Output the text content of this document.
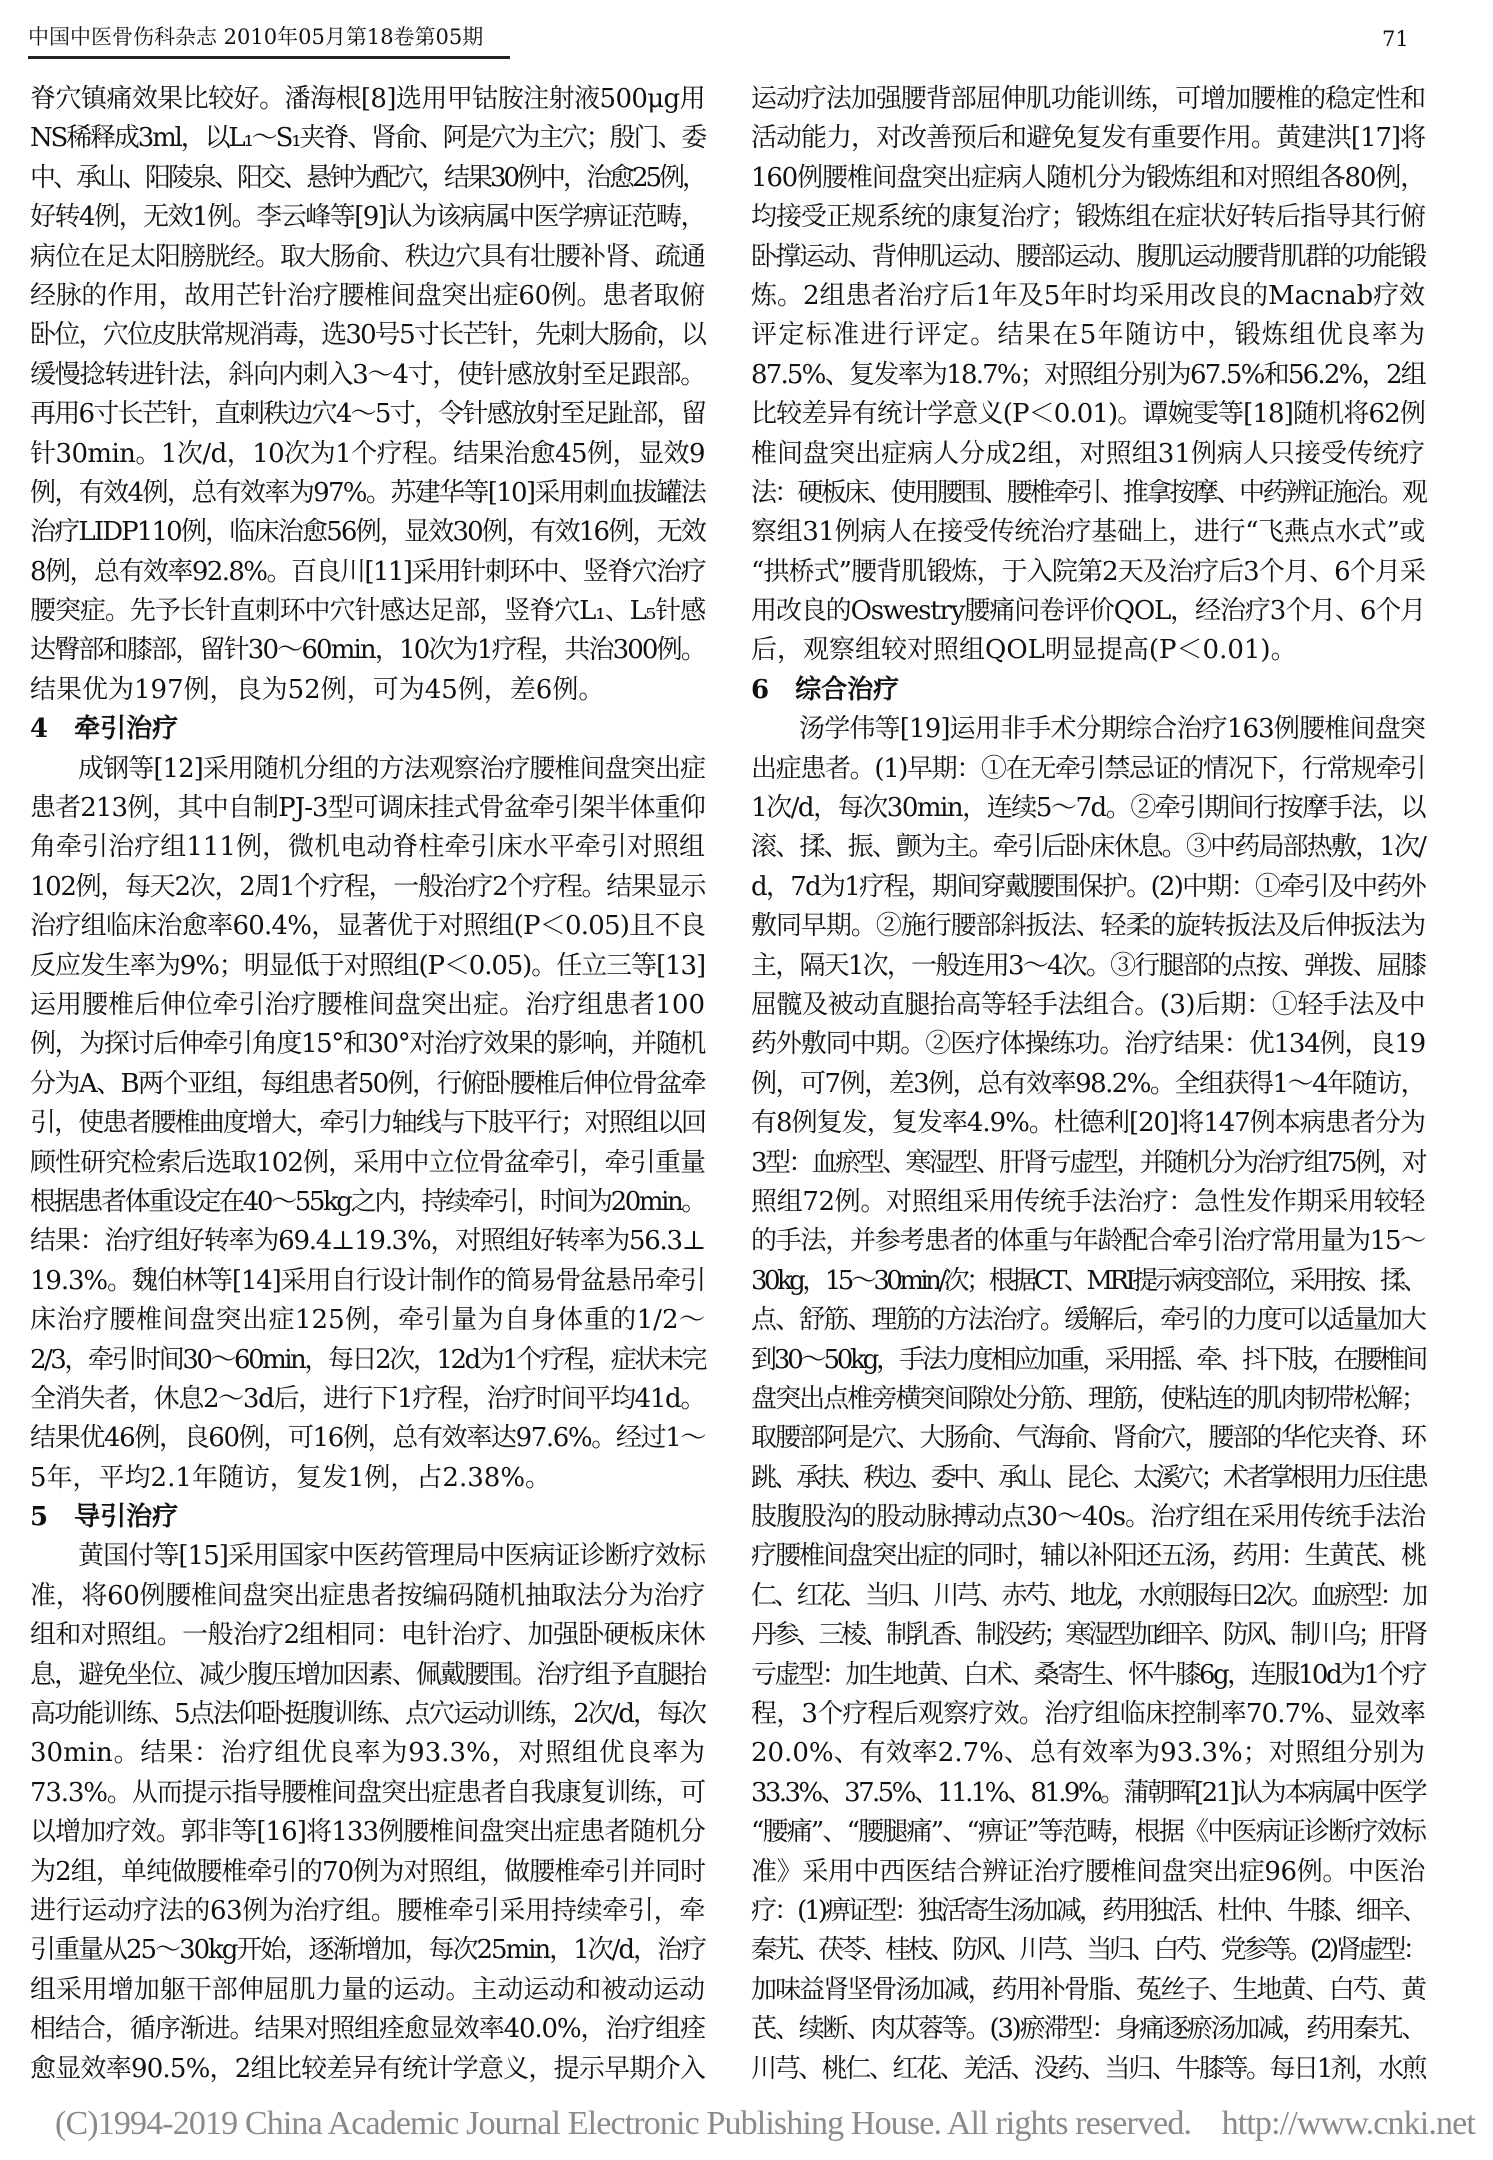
中国中医骨伤科杂志 2010年05月第18卷第05期	71
脊穴镇痛效果比较好。潘海根[8]选用甲钴胺注射液500μg用
NS稀释成3ml，以L₁～S₁夹脊、肾俞、阿是穴为主穴；殷门、委
中、承山、阳陵泉、阳交、悬钟为配穴，结果30例中，治愈25例，
好转4例，无效1例。李云峰等[9]认为该病属中医学痹证范畴，
病位在足太阳膀胱经。取大肠俞、秩边穴具有壮腰补肾、疏通
经脉的作用，故用芒针治疗腰椎间盘突出症60例。患者取俯
卧位，穴位皮肤常规消毒，选30号5寸长芒针，先刺大肠俞，以
缓慢捻转进针法，斜向内刺入3～4寸，使针感放射至足跟部。
再用6寸长芒针，直刺秩边穴4～5寸，令针感放射至足趾部，留
针30min。1次/d，10次为1个疗程。结果治愈45例，显效9
例，有效4例，总有效率为97%。苏建华等[10]采用刺血拔罐法
治疗LIDP110例，临床治愈56例，显效30例，有效16例，无效
8例，总有效率92.8%。百良川[11]采用针刺环中、竖脊穴治疗
腰突症。先予长针直刺环中穴针感达足部，竖脊穴L₁、L₅针感
达臀部和膝部，留针30～60min，10次为1疗程，共治300例。
结果优为197例，良为52例，可为45例，差6例。
4　牵引治疗
成钢等[12]采用随机分组的方法观察治疗腰椎间盘突出症
患者213例，其中自制PJ-3型可调床挂式骨盆牵引架半体重仰
角牵引治疗组111例，微机电动脊柱牵引床水平牵引对照组
102例，每天2次，2周1个疗程，一般治疗2个疗程。结果显示
治疗组临床治愈率60.4%，显著优于对照组(P＜0.05)且不良
反应发生率为9%；明显低于对照组(P＜0.05)。任立三等[13]
运用腰椎后伸位牵引治疗腰椎间盘突出症。治疗组患者100
例，为探讨后伸牵引角度15°和30°对治疗效果的影响，并随机
分为A、B两个亚组，每组患者50例，行俯卧腰椎后伸位骨盆牵
引，使患者腰椎曲度增大，牵引力轴线与下肢平行；对照组以回
顾性研究检索后选取102例，采用中立位骨盆牵引，牵引重量
根据患者体重设定在40～55kg之内，持续牵引，时间为20min。
结果：治疗组好转率为69.4⊥19.3%，对照组好转率为56.3⊥
19.3%。魏伯林等[14]采用自行设计制作的简易骨盆悬吊牵引
床治疗腰椎间盘突出症125例，牵引量为自身体重的1/2～
2/3，牵引时间30～60min，每日2次，12d为1个疗程，症状未完
全消失者，休息2～3d后，进行下1疗程，治疗时间平均41d。
结果优46例，良60例，可16例，总有效率达97.6%。经过1～
5年，平均2.1年随访，复发1例，占2.38%。
5　导引治疗
黄国付等[15]采用国家中医药管理局中医病证诊断疗效标
准，将60例腰椎间盘突出症患者按编码随机抽取法分为治疗
组和对照组。一般治疗2组相同：电针治疗、加强卧硬板床休
息，避免坐位、减少腹压增加因素、佩戴腰围。治疗组予直腿抬
高功能训练、5点法仰卧挺腹训练、点穴运动训练，2次/d，每次
30min。结果：治疗组优良率为93.3%，对照组优良率为
73.3%。从而提示指导腰椎间盘突出症患者自我康复训练，可
以增加疗效。郭非等[16]将133例腰椎间盘突出症患者随机分
为2组，单纯做腰椎牵引的70例为对照组，做腰椎牵引并同时
进行运动疗法的63例为治疗组。腰椎牵引采用持续牵引，牵
引重量从25～30kg开始，逐渐增加，每次25min，1次/d，治疗
组采用增加躯干部伸屈肌力量的运动。主动运动和被动运动
相结合，循序渐进。结果对照组痊愈显效率40.0%，治疗组痊
愈显效率90.5%，2组比较差异有统计学意义，提示早期介入
运动疗法加强腰背部屈伸肌功能训练，可增加腰椎的稳定性和
活动能力，对改善预后和避免复发有重要作用。黄建洪[17]将
160例腰椎间盘突出症病人随机分为锻炼组和对照组各80例，
均接受正规系统的康复治疗；锻炼组在症状好转后指导其行俯
卧撑运动、背伸肌运动、腰部运动、腹肌运动腰背肌群的功能锻
炼。2组患者治疗后1年及5年时均采用改良的Macnab疗效
评定标准进行评定。结果在5年随访中，锻炼组优良率为
87.5%、复发率为18.7%；对照组分别为67.5%和56.2%，2组
比较差异有统计学意义(P＜0.01)。谭婉雯等[18]随机将62例
椎间盘突出症病人分成2组，对照组31例病人只接受传统疗
法：硬板床、使用腰围、腰椎牵引、推拿按摩、中药辨证施治。观
察组31例病人在接受传统治疗基础上，进行“飞燕点水式”或
“拱桥式”腰背肌锻炼，于入院第2天及治疗后3个月、6个月采
用改良的Oswestry腰痛问卷评价QOL，经治疗3个月、6个月
后，观察组较对照组QOL明显提高(P＜0.01)。
6　综合治疗
汤学伟等[19]运用非手术分期综合治疗163例腰椎间盘突
出症患者。(1)早期：①在无牵引禁忌证的情况下，行常规牵引
1次/d，每次30min，连续5～7d。②牵引期间行按摩手法，以
滚、揉、振、颤为主。牵引后卧床休息。③中药局部热敷，1次/
d，7d为1疗程，期间穿戴腰围保护。(2)中期：①牵引及中药外
敷同早期。②施行腰部斜扳法、轻柔的旋转扳法及后伸扳法为
主，隔天1次，一般连用3～4次。③行腿部的点按、弹拨、屈膝
屈髋及被动直腿抬高等轻手法组合。(3)后期：①轻手法及中
药外敷同中期。②医疗体操练功。治疗结果：优134例，良19
例，可7例，差3例，总有效率98.2%。全组获得1～4年随访，
有8例复发，复发率4.9%。杜德利[20]将147例本病患者分为
3型：血瘀型、寒湿型、肝肾亏虚型，并随机分为治疗组75例，对
照组72例。对照组采用传统手法治疗：急性发作期采用较轻
的手法，并参考患者的体重与年龄配合牵引治疗常用量为15～
30kg，15～30min/次；根据CT、MRI提示病变部位，采用按、揉、
点、舒筋、理筋的方法治疗。缓解后，牵引的力度可以适量加大
到30～50kg，手法力度相应加重，采用摇、牵、抖下肢，在腰椎间
盘突出点椎旁横突间隙处分筋、理筋，使粘连的肌肉韧带松解；
取腰部阿是穴、大肠俞、气海俞、肾俞穴，腰部的华佗夹脊、环
跳、承扶、秩边、委中、承山、昆仑、太溪穴；术者掌根用力压住患
肢腹股沟的股动脉搏动点30～40s。治疗组在采用传统手法治
疗腰椎间盘突出症的同时，辅以补阳还五汤，药用：生黄芪、桃
仁、红花、当归、川芎、赤芍、地龙，水煎服每日2次。血瘀型：加
丹参、三棱、制乳香、制没药；寒湿型加细辛、防风、制川乌；肝肾
亏虚型：加生地黄、白术、桑寄生、怀牛膝6g，连服10d为1个疗
程，3个疗程后观察疗效。治疗组临床控制率70.7%、显效率
20.0%、有效率2.7%、总有效率为93.3%；对照组分别为
33.3%、37.5%、11.1%、81.9%。蒲朝晖[21]认为本病属中医学
“腰痛”、“腰腿痛”、“痹证”等范畴，根据《中医病证诊断疗效标
准》采用中西医结合辨证治疗腰椎间盘突出症96例。中医治
疗：(1)痹证型：独活寄生汤加减，药用独活、杜仲、牛膝、细辛、
秦艽、茯苓、桂枝、防风、川芎、当归、白芍、党参等。(2)肾虚型：
加味益肾坚骨汤加减，药用补骨脂、菟丝子、生地黄、白芍、黄
芪、续断、肉苁蓉等。(3)瘀滞型：身痛逐瘀汤加减，药用秦艽、
川芎、桃仁、红花、羌活、没药、当归、牛膝等。每日1剂，水煎
(C)1994-2019 China Academic Journal Electronic Publishing House. All rights reserved.    http://www.cnki.net
